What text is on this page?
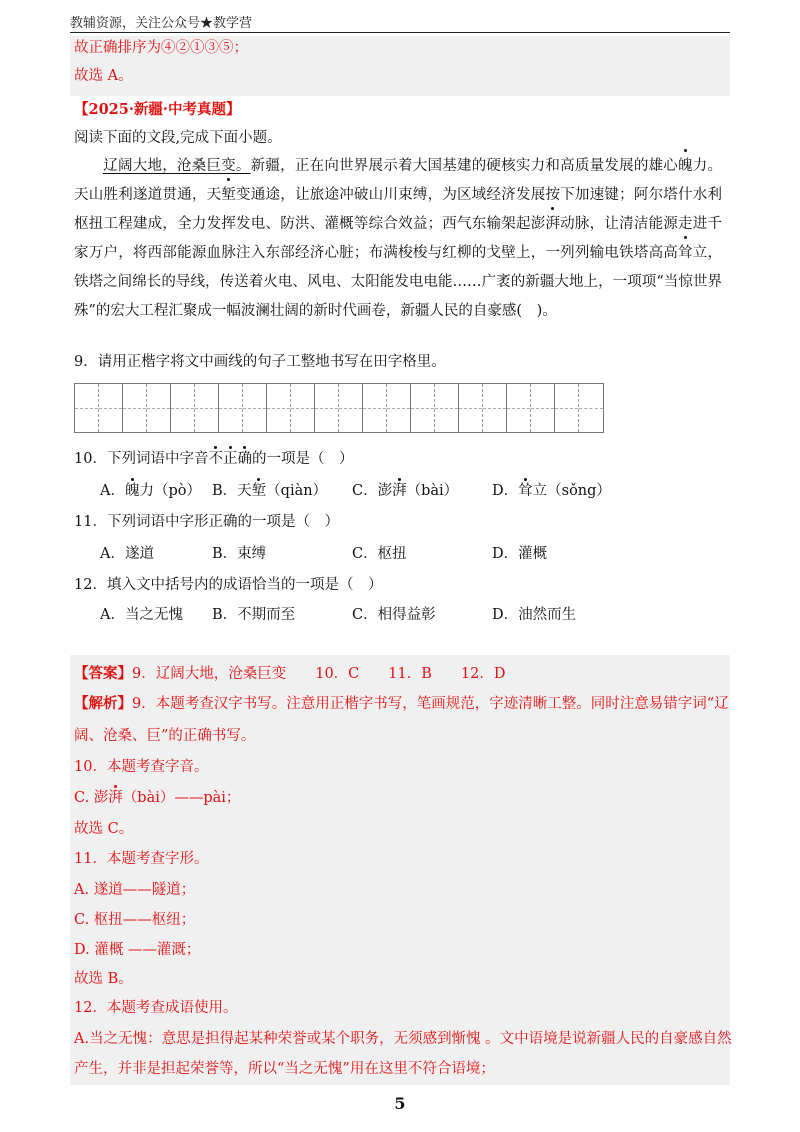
教辅资源，关注公众号★教学营
故正确排序为④②①③⑤；
故选 A。
【2025·新疆·中考真题】
阅读下面的文段,完成下面小题。
辽阔大地，沧桑巨变。新疆，正在向世界展示着大国基建的硬核实力和高质量发展的雄心魄力。天山胜利遂道贯通，天堑变通途，让旅途冲破山川束缚，为区域经济发展按下加速键；阿尔塔什水利枢扭工程建成，全力发挥发电、防洪、灌概等综合效益；西气东输架起澎湃动脉，让清洁能源走进千家万户，将西部能源血脉注入东部经济心脏；布满梭梭与红柳的戈壁上，一列列输电铁塔高高耸立，铁塔之间绵长的导线，传送着火电、风电、太阳能发电电能……广袤的新疆大地上，一项项“当惊世界殊”的宏大工程汇聚成一幅波澜壮阔的新时代画卷，新疆人民的自豪感(　)。
9．请用正楷字将文中画线的句子工整地书写在田字格里。
10．下列词语中字音不正确的一项是（　）
A．魄力（pò） B．天堑（qiàn） C．澎湃（bài） D．耸立（sǒng）
11．下列词语中字形正确的一项是（　）
A．遂道	B．束缚	C．枢扭	D．灌概
12．填入文中括号内的成语恰当的一项是（　）
A．当之无愧 B．不期而至	C．相得益彰	D．油然而生
【答案】9．辽阔大地，沧桑巨变　　10．C　　11．B　　12．D
【解析】9．本题考查汉字书写。注意用正楷字书写，笔画规范，字迹清晰工整。同时注意易错字词“辽
阔、沧桑、巨”的正确书写。
10．本题考查字音。
C. 澎湃（bài）——pài；
故选 C。
11．本题考查字形。
A. 遂道——隧道；
C. 枢扭——枢纽；
D. 灌概 ——灌溉；
故选 B。
12．本题考查成语使用。
A.当之无愧：意思是担得起某种荣誉或某个职务，无须感到惭愧 。文中语境是说新疆人民的自豪感自然
产生，并非是担起荣誉等，所以“当之无愧”用在这里不符合语境；
5
